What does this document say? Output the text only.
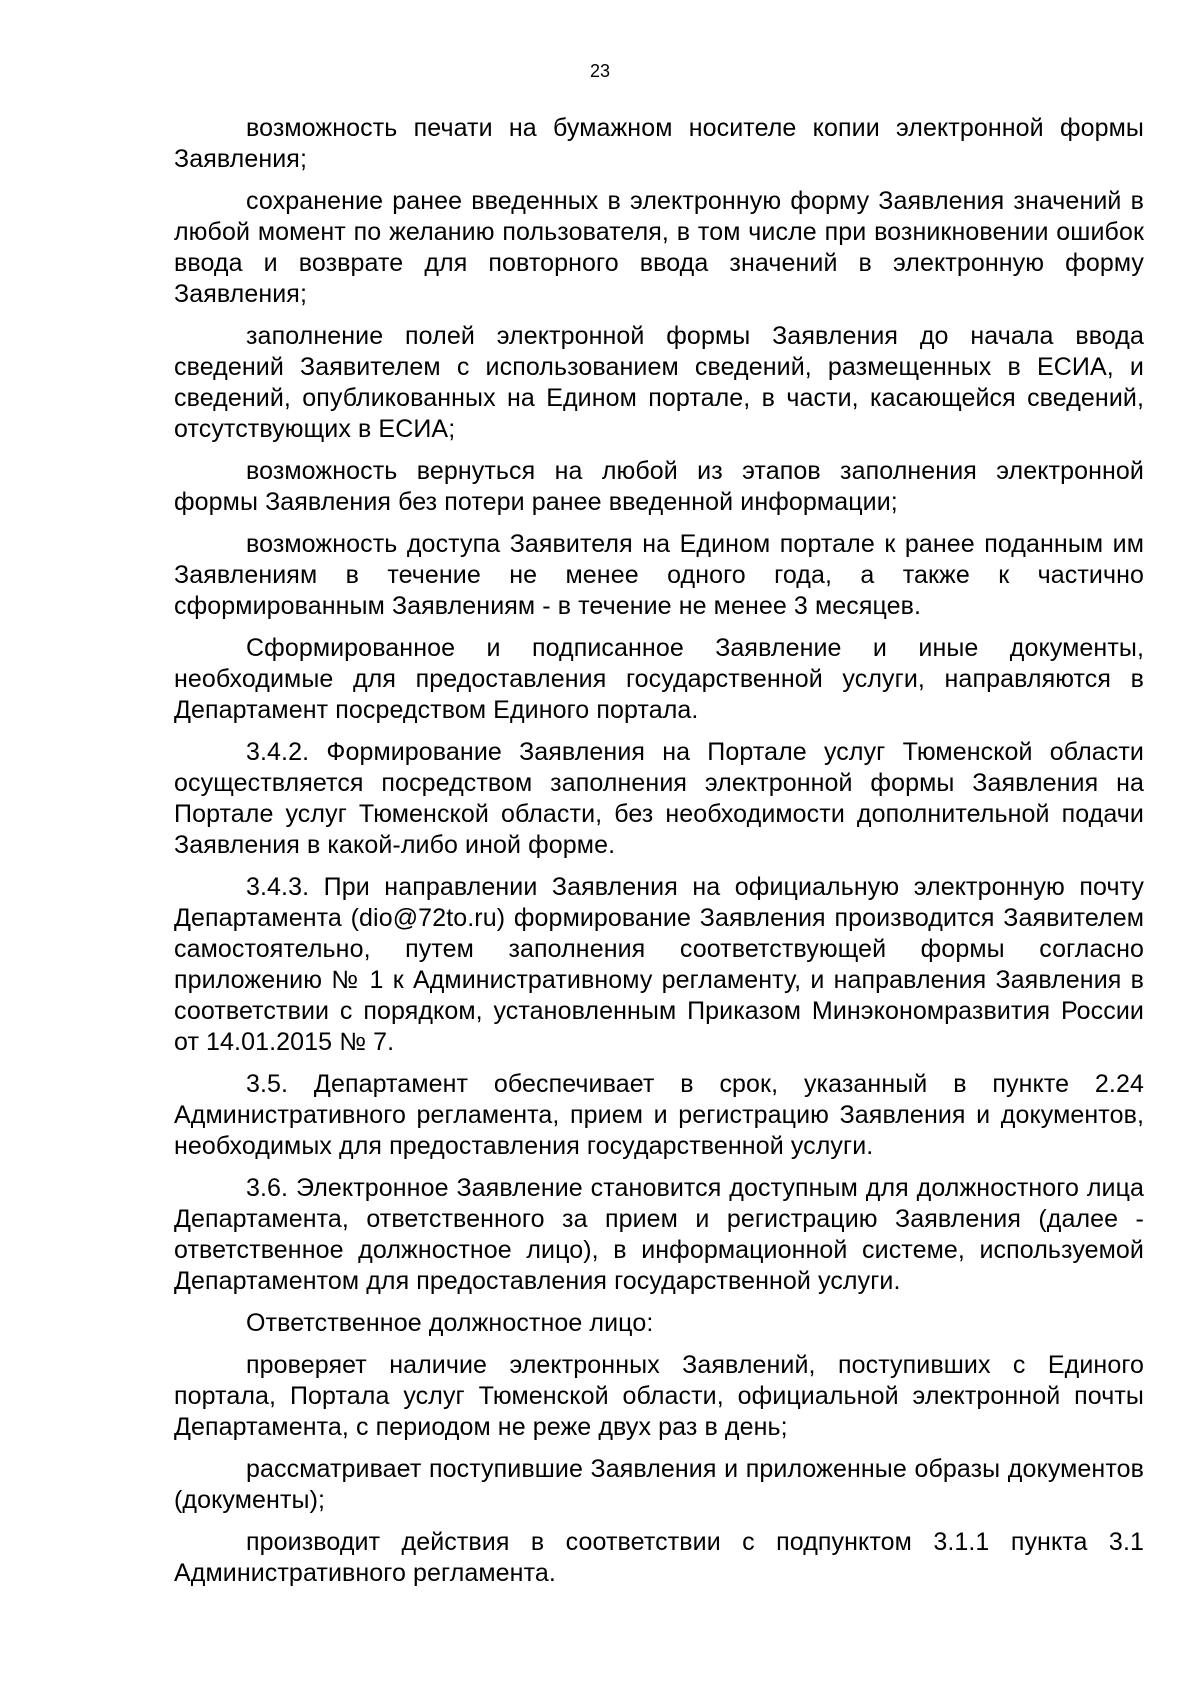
23

возможность печати на бумажном носителе копии электронной формы Заявления;

сохранение ранее введенных в электронную форму Заявления значений в любой момент по желанию пользователя, в том числе при возникновении ошибок ввода и возврате для повторного ввода значений в электронную форму Заявления;

заполнение полей электронной формы Заявления до начала ввода сведений Заявителем с использованием сведений, размещенных в ЕСИА, и сведений, опубликованных на Едином портале, в части, касающейся сведений, отсутствующих в ЕСИА;

возможность вернуться на любой из этапов заполнения электронной формы Заявления без потери ранее введенной информации;

возможность доступа Заявителя на Едином портале к ранее поданным им Заявлениям в течение не менее одного года, а также к частично сформированным Заявлениям - в течение не менее 3 месяцев.

Сформированное и подписанное Заявление и иные документы, необходимые для предоставления государственной услуги, направляются в Департамент посредством Единого портала.

3.4.2. Формирование Заявления на Портале услуг Тюменской области осуществляется посредством заполнения электронной формы Заявления на Портале услуг Тюменской области, без необходимости дополнительной подачи Заявления в какой-либо иной форме.

3.4.3. При направлении Заявления на официальную электронную почту Департамента (dio@72to.ru) формирование Заявления производится Заявителем самостоятельно, путем заполнения соответствующей формы согласно приложению № 1 к Административному регламенту, и направления Заявления в соответствии с порядком, установленным Приказом Минэкономразвития России от 14.01.2015 № 7.

3.5. Департамент обеспечивает в срок, указанный в пункте 2.24 Административного регламента, прием и регистрацию Заявления и документов, необходимых для предоставления государственной услуги.

3.6. Электронное Заявление становится доступным для должностного лица Департамента, ответственного за прием и регистрацию Заявления (далее - ответственное должностное лицо), в информационной системе, используемой Департаментом для предоставления государственной услуги.

Ответственное должностное лицо:

проверяет наличие электронных Заявлений, поступивших с Единого портала, Портала услуг Тюменской области, официальной электронной почты Департамента, с периодом не реже двух раз в день;

рассматривает поступившие Заявления и приложенные образы документов (документы);

производит действия в соответствии с подпунктом 3.1.1 пункта 3.1 Административного регламента.
